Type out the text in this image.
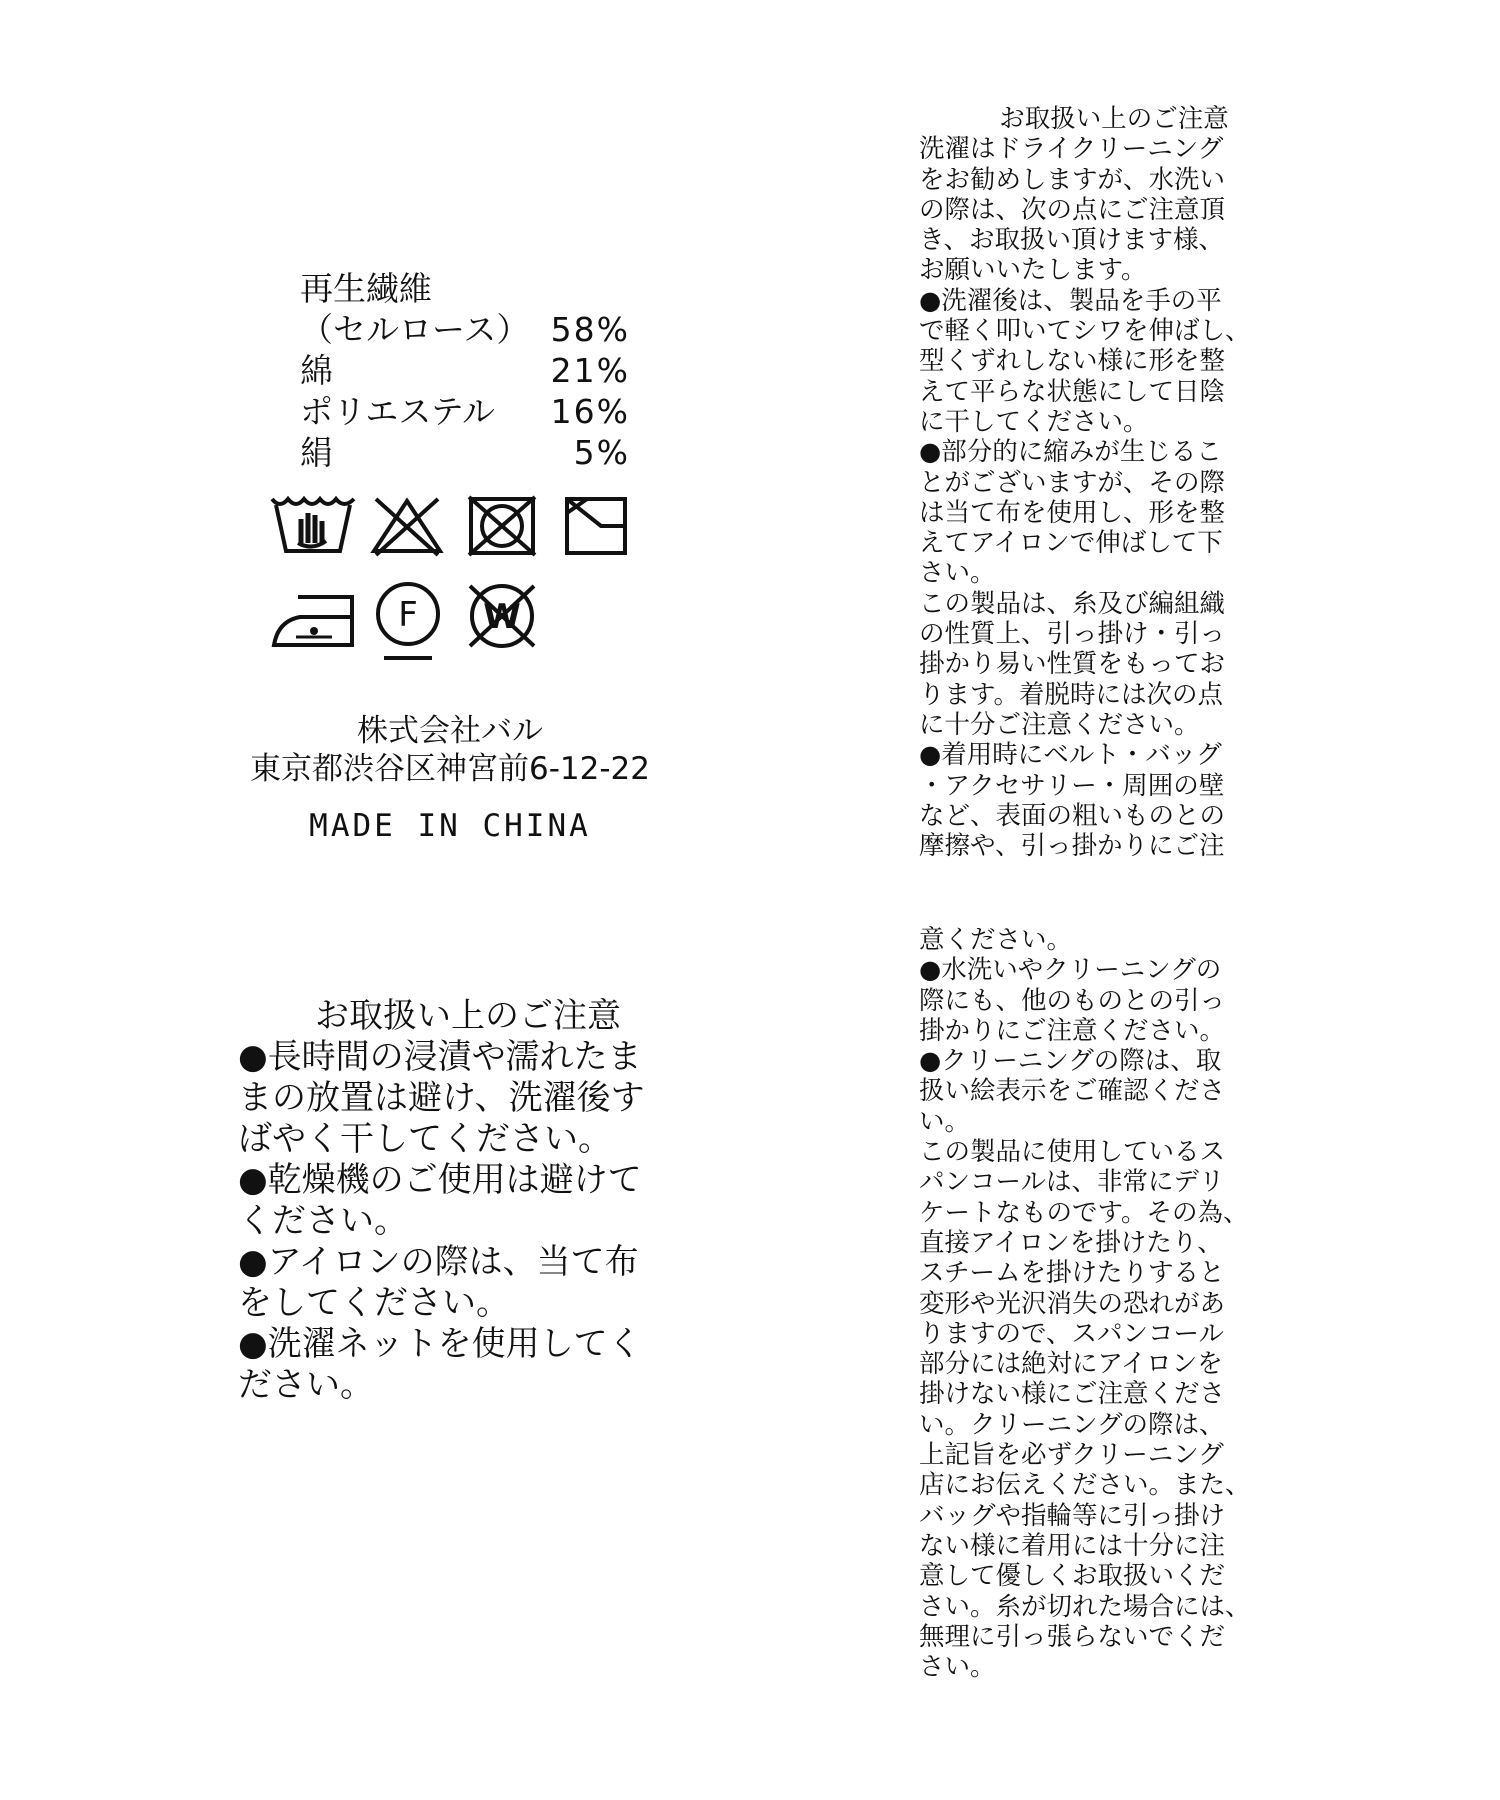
再生繊維
（セルロース） 58%
綿	21%
ポリエステル 16%
絹	5%
F W
株式会社バル
東京都渋谷区神宮前6-12-22
MADE IN CHINA
お取扱い上のご注意
●長時間の浸漬や濡れたま
まの放置は避け、洗濯後す
ばやく干してください。
●乾燥機のご使用は避けて
ください。
●アイロンの際は、当て布
をしてください。
●洗濯ネットを使用してく
ださい。
お取扱い上のご注意
洗濯はドライクリーニング
をお勧めしますが、水洗い
の際は、次の点にご注意頂
き、お取扱い頂けます様、
お願いいたします。
●洗濯後は、製品を手の平
で軽く叩いてシワを伸ばし、
型くずれしない様に形を整
えて平らな状態にして日陰
に干してください。
●部分的に縮みが生じるこ
とがございますが、その際
は当て布を使用し、形を整
えてアイロンで伸ばして下
さい。
この製品は、糸及び編組織
の性質上、引っ掛け・引っ
掛かり易い性質をもってお
ります。着脱時には次の点
に十分ご注意ください。
●着用時にベルト・バッグ
・アクセサリー・周囲の壁
など、表面の粗いものとの
摩擦や、引っ掛かりにご注
意ください。
●水洗いやクリーニングの
際にも、他のものとの引っ
掛かりにご注意ください。
●クリーニングの際は、取
扱い絵表示をご確認くださ
い。
この製品に使用しているス
パンコールは、非常にデリ
ケートなものです。その為、
直接アイロンを掛けたり、
スチームを掛けたりすると
変形や光沢消失の恐れがあ
りますので、スパンコール
部分には絶対にアイロンを
掛けない様にご注意くださ
い。クリーニングの際は、
上記旨を必ずクリーニング
店にお伝えください。また、
バッグや指輪等に引っ掛け
ない様に着用には十分に注
意して優しくお取扱いくだ
さい。糸が切れた場合には、
無理に引っ張らないでくだ
さい。
